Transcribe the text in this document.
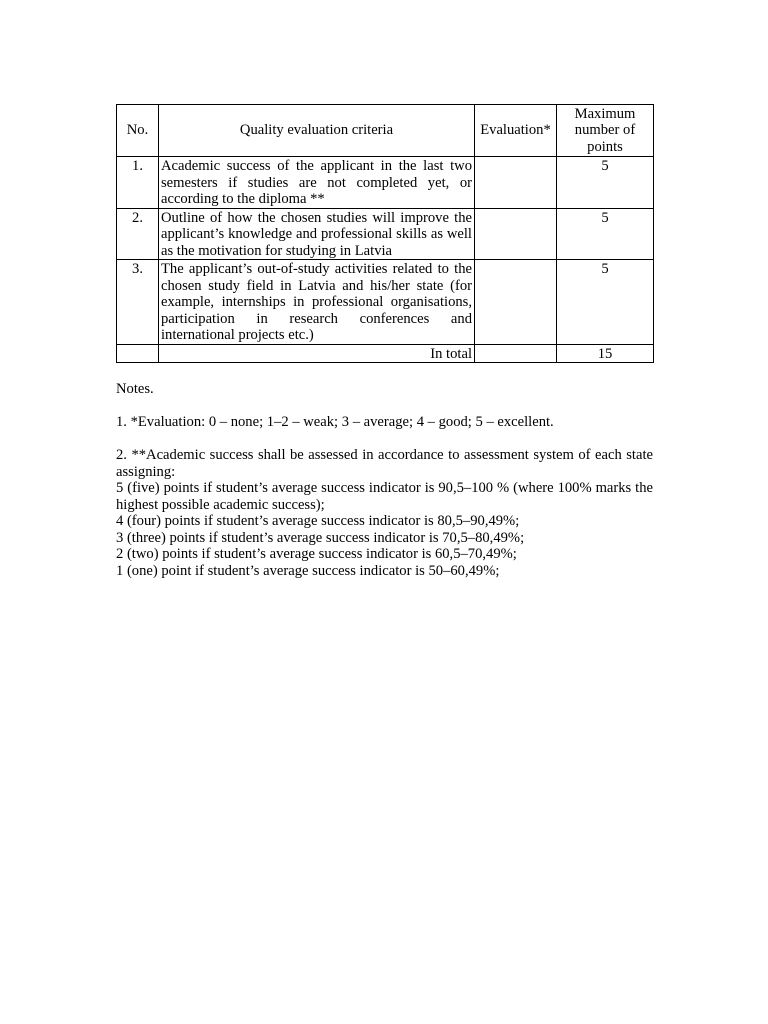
No.	Quality evaluation criteria	Evaluation*	Maximum number of points
1.	Academic success of the applicant in the last two semesters if studies are not completed yet, or according to the diploma **		5
2.	Outline of how the chosen studies will improve the applicant’s knowledge and professional skills as well as the motivation for studying in Latvia		5
3.	The applicant’s out-of-study activities related to the chosen study field in Latvia and his/her state (for example, internships in professional organisations, participation in research conferences and international projects etc.)		5
	In total		15

Notes.

1. *Evaluation: 0 – none; 1–2 – weak; 3 – average; 4 – good; 5 – excellent.

2. **Academic success shall be assessed in accordance to assessment system of each state assigning:

5 (five) points if student’s average success indicator is 90,5–100 % (where 100% marks the highest possible academic success);

4 (four) points if student’s average success indicator is 80,5–90,49%;

3 (three) points if student’s average success indicator is 70,5–80,49%;

2 (two) points if student’s average success indicator is 60,5–70,49%;

1 (one) point if student’s average success indicator is 50–60,49%;
